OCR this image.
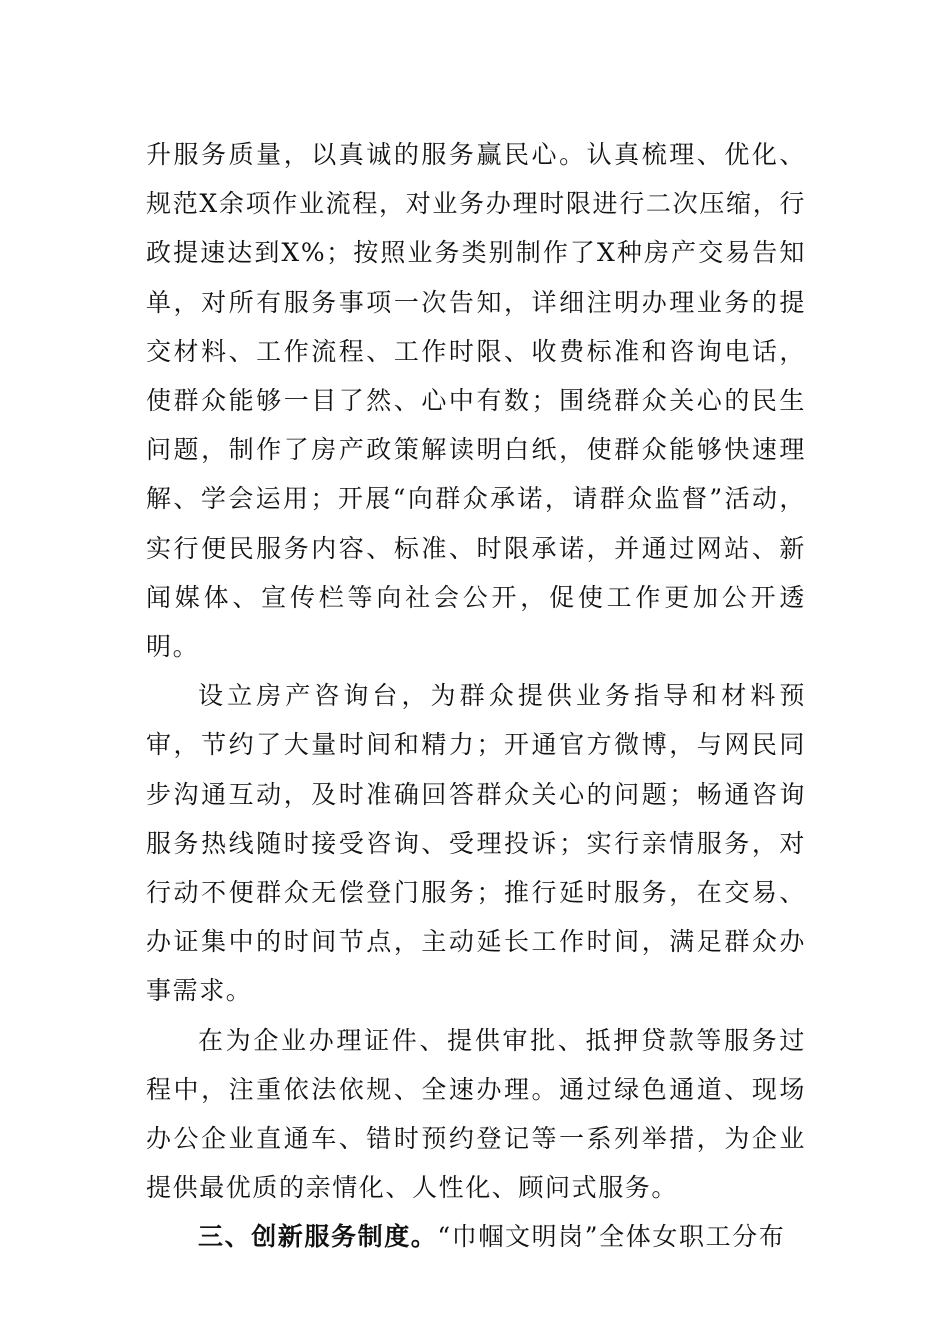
升服务质量，以真诚的服务赢民心。认真梳理、优化、规范X余项作业流程，对业务办理时限进行二次压缩，行政提速达到X%；按照业务类别制作了X种房产交易告知单，对所有服务事项一次告知，详细注明办理业务的提交材料、工作流程、工作时限、收费标准和咨询电话，使群众能够一目了然、心中有数；围绕群众关心的民生问题，制作了房产政策解读明白纸，使群众能够快速理解、学会运用；开展“向群众承诺，请群众监督”活动，实行便民服务内容、标准、时限承诺，并通过网站、新闻媒体、宣传栏等向社会公开，促使工作更加公开透明。

设立房产咨询台，为群众提供业务指导和材料预审，节约了大量时间和精力；开通官方微博，与网民同步沟通互动，及时准确回答群众关心的问题；畅通咨询服务热线随时接受咨询、受理投诉；实行亲情服务，对行动不便群众无偿登门服务；推行延时服务，在交易、办证集中的时间节点，主动延长工作时间，满足群众办事需求。

在为企业办理证件、提供审批、抵押贷款等服务过程中，注重依法依规、全速办理。通过绿色通道、现场办公企业直通车、错时预约登记等一系列举措，为企业提供最优质的亲情化、人性化、顾问式服务。

三、创新服务制度。“巾帼文明岗”全体女职工分布
